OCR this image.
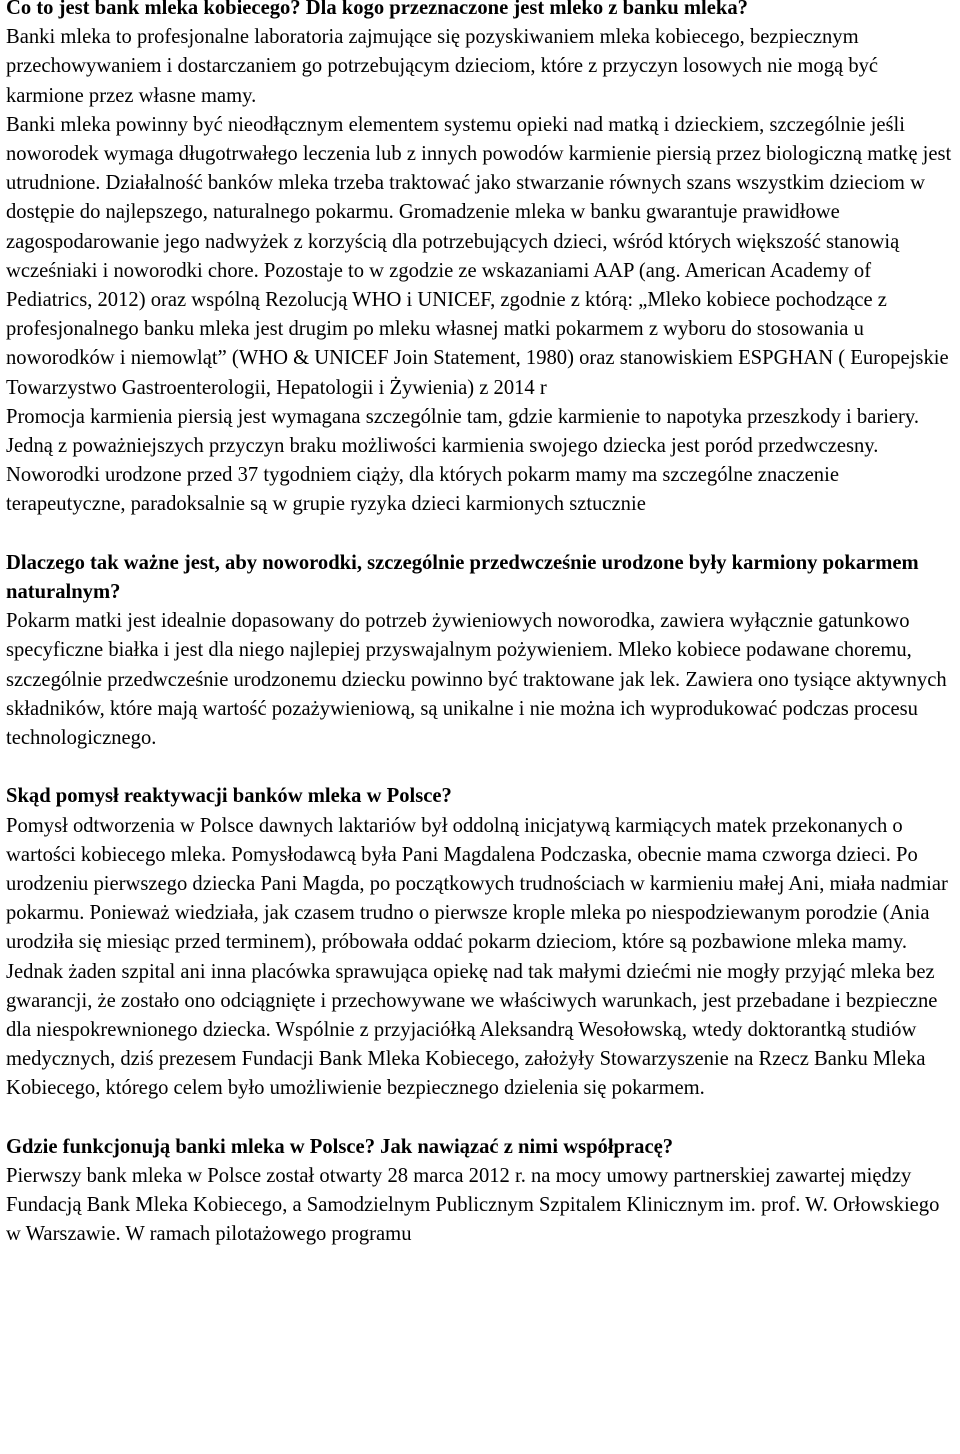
Co to jest bank mleka kobiecego? Dla kogo przeznaczone jest mleko z banku mleka?

Banki mleka to profesjonalne laboratoria zajmujące się pozyskiwaniem mleka kobiecego, bezpiecznym przechowywaniem i dostarczaniem go potrzebującym dzieciom, które z przyczyn losowych nie mogą być karmione przez własne mamy.

Banki mleka powinny być nieodłącznym elementem systemu opieki nad matką i dzieckiem, szczególnie jeśli noworodek wymaga długotrwałego leczenia lub z innych powodów karmienie piersią przez biologiczną matkę jest utrudnione. Działalność banków mleka trzeba traktować jako stwarzanie równych szans wszystkim dzieciom w dostępie do najlepszego, naturalnego pokarmu. Gromadzenie mleka w banku gwarantuje prawidłowe zagospodarowanie jego nadwyżek z korzyścią dla potrzebujących dzieci, wśród których większość stanowią wcześniaki i noworodki chore. Pozostaje to w zgodzie ze wskazaniami AAP (ang. American Academy of Pediatrics, 2012) oraz wspólną Rezolucją WHO i UNICEF, zgodnie z którą: „Mleko kobiece pochodzące z profesjonalnego banku mleka jest drugim po mleku własnej matki pokarmem z wyboru do stosowania u noworodków i niemowląt” (WHO & UNICEF Join Statement, 1980) oraz stanowiskiem ESPGHAN ( Europejskie Towarzystwo Gastroenterologii, Hepatologii i Żywienia) z 2014 r

Promocja karmienia piersią jest wymagana szczególnie tam, gdzie karmienie to napotyka przeszkody i bariery. Jedną z poważniejszych przyczyn braku możliwości karmienia swojego dziecka jest poród przedwczesny. Noworodki urodzone przed 37 tygodniem ciąży, dla których pokarm mamy ma szczególne znaczenie terapeutyczne, paradoksalnie są w grupie ryzyka dzieci karmionych sztucznie

Dlaczego tak ważne jest, aby noworodki, szczególnie przedwcześnie urodzone były karmiony pokarmem naturalnym?

Pokarm matki jest idealnie dopasowany do potrzeb żywieniowych noworodka, zawiera wyłącznie gatunkowo specyficzne białka i jest dla niego najlepiej przyswajalnym pożywieniem. Mleko kobiece podawane choremu, szczególnie przedwcześnie urodzonemu dziecku powinno być traktowane jak lek. Zawiera ono tysiące aktywnych składników, które mają wartość pozażywieniową, są unikalne i nie można ich wyprodukować podczas procesu technologicznego.

Skąd pomysł reaktywacji banków mleka w Polsce?

Pomysł odtworzenia w Polsce dawnych laktariów był oddolną inicjatywą karmiących matek przekonanych o wartości kobiecego mleka. Pomysłodawcą była Pani Magdalena Podczaska, obecnie mama czworga dzieci. Po urodzeniu pierwszego dziecka Pani Magda, po początkowych trudnościach w karmieniu małej Ani, miała nadmiar pokarmu. Ponieważ wiedziała, jak czasem trudno o pierwsze krople mleka po niespodziewanym porodzie (Ania urodziła się miesiąc przed terminem), próbowała oddać pokarm dzieciom, które są pozbawione mleka mamy. Jednak żaden szpital ani inna placówka sprawująca opiekę nad tak małymi dziećmi nie mogły przyjąć mleka bez gwarancji, że zostało ono odciągnięte i przechowywane we właściwych warunkach, jest przebadane i bezpieczne dla niespokrewnionego dziecka. Wspólnie z przyjaciółką Aleksandrą Wesołowską, wtedy doktorantką studiów medycznych, dziś prezesem Fundacji Bank Mleka Kobiecego, założyły Stowarzyszenie na Rzecz Banku Mleka Kobiecego, którego celem było umożliwienie bezpiecznego dzielenia się pokarmem.

Gdzie funkcjonują banki mleka w Polsce? Jak nawiązać z nimi współpracę?

Pierwszy bank mleka w Polsce został otwarty 28 marca 2012 r. na mocy umowy partnerskiej zawartej między Fundacją Bank Mleka Kobiecego, a Samodzielnym Publicznym Szpitalem Klinicznym im. prof. W. Orłowskiego w Warszawie. W ramach pilotażowego programu
